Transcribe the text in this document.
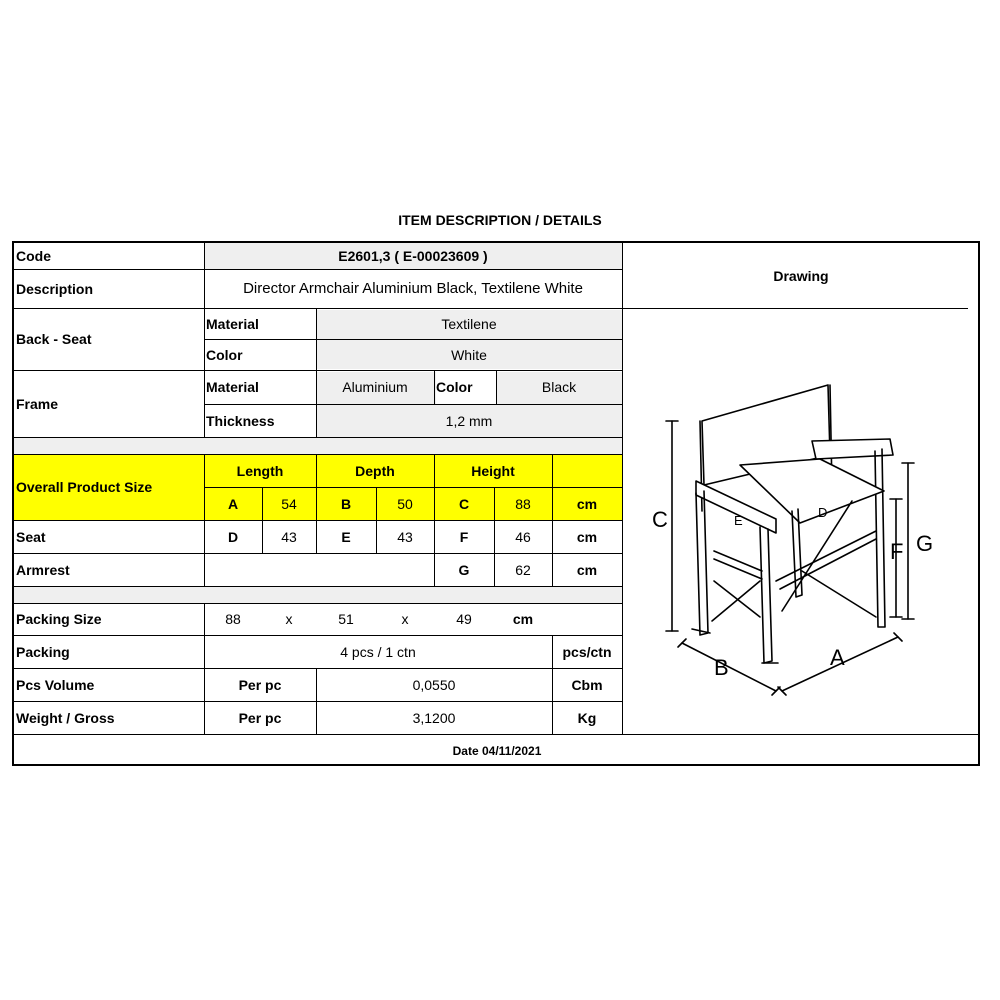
ITEM DESCRIPTION / DETAILS
Code	E2601,3 ( E-00023609 )
Drawing
Description	Director Armchair Aluminium Black, Textilene White
Back - Seat
Material	Textilene
Color	White
Frame
Material	Aluminium	Color	Black
Thickness	1,2 mm
Overall Product Size
Length	Depth	Height
A	54	B	50	C	88	cm
Seat	D	43	E	43	F	46	cm
Armrest	G	62	cm
Packing Size	88	x	51	x	49	cm
Packing	4 pcs / 1 ctn	pcs/ctn
Pcs Volume	Per pc	0,0550	Cbm
Weight / Gross	Per pc	3,1200	Kg
Date 04/11/2021
C
G
F
B	A
E
D
